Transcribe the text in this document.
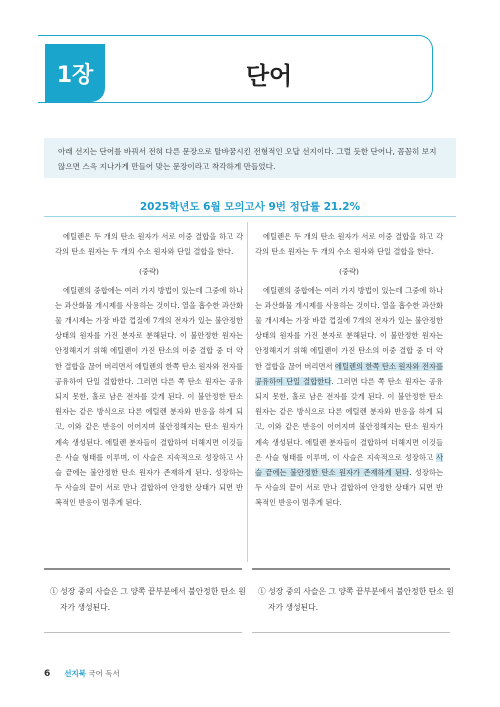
1장	단어
아래 선지는 단어를 바꿔서 전혀 다른 문장으로 탈바꿈시킨 전형적인 오답 선지이다. 그럴 듯한 단어나, 꼼꼼히 보지 않으면 스윽 지나가게 만들어 맞는 문장이라고 착각하게 만들었다.
2025학년도 6월 모의고사 9번 정답률 21.2%

에틸렌은 두 개의 탄소 원자가 서로 이중 결합을 하고 각각의 탄소 원자는 두 개의 수소 원자와 단일 결합을 한다.

(중략)

에틸렌의 중합에는 여러 가지 방법이 있는데 그중에 하나는 과산화물 개시제를 사용하는 것이다. 열을 흡수한 과산화물 개시제는 가장 바깥 껍질에 7개의 전자가 있는 불안정한 상태의 원자를 가진 분자로 분해된다. 이 불안정한 원자는 안정해지기 위해 에틸렌이 가진 탄소의 이중 결합 중 더 약한 결합을 끊어 버리면서 에틸렌의 한쪽 탄소 원자와 전자를 공유하여 단일 결합한다. 그러면 다른 쪽 탄소 원자는 공유되지 못한, 홀로 남은 전자를 갖게 된다. 이 불안정한 탄소 원자는 같은 방식으로 다른 에틸렌 분자와 반응을 하게 되고, 이와 같은 반응이 이어지며 불안정해지는 탄소 원자가 계속 생성된다. 에틸렌 분자들이 결합하여 더해지면 이것들은 사슬 형태를 이루며, 이 사슬은 지속적으로 성장하고 사슬 끝에는 불안정한 탄소 원자가 존재하게 된다. 성장하는 두 사슬의 끝이 서로 만나 결합하여 안정한 상태가 되면 반복적인 반응이 멈추게 된다.

에틸렌은 두 개의 탄소 원자가 서로 이중 결합을 하고 각각의 탄소 원자는 두 개의 수소 원자와 단일 결합을 한다.

(중략)

에틸렌의 중합에는 여러 가지 방법이 있는데 그중에 하나는 과산화물 개시제를 사용하는 것이다. 열을 흡수한 과산화물 개시제는 가장 바깥 껍질에 7개의 전자가 있는 불안정한 상태의 원자를 가진 분자로 분해된다. 이 불안정한 원자는 안정해지기 위해 에틸렌이 가진 탄소의 이중 결합 중 더 약한 결합을 끊어 버리면서 에틸렌의 한쪽 탄소 원자와 전자를 공유하여 단일 결합한다. 그러면 다른 쪽 탄소 원자는 공유되지 못한, 홀로 남은 전자를 갖게 된다. 이 불안정한 탄소 원자는 같은 방식으로 다른 에틸렌 분자와 반응을 하게 되고, 이와 같은 반응이 이어지며 불안정해지는 탄소 원자가 계속 생성된다. 에틸렌 분자들이 결합하여 더해지면 이것들은 사슬 형태를 이루며, 이 사슬은 지속적으로 성장하고 사슬 끝에는 불안정한 탄소 원자가 존재하게 된다. 성장하는 두 사슬의 끝이 서로 만나 결합하여 안정한 상태가 되면 반복적인 반응이 멈추게 된다.

① 성장 중의 사슬은 그 양쪽 끝부분에서 불안정한 탄소 원자가 생성된다.
① 성장 중의 사슬은 그 양쪽 끝부분에서 불안정한 탄소 원자가 생성된다.
6 선지북 국어 독서
